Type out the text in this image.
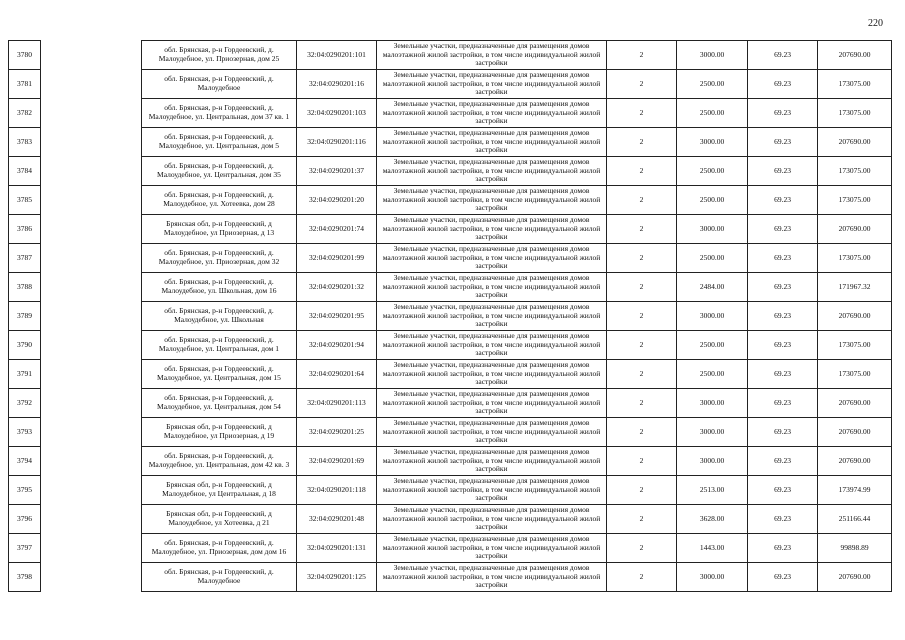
220
3780		обл. Брянская, р-н Гордеевский, д. Малоудебное, ул. Приозерная, дом 25	32:04:0290201:101	Земельные участки, предназначенные для размещения домов малоэтажной жилой застройки, в том числе индивидуальной жилой застройки	2	3000.00	69.23	207690.00
3781		обл. Брянская, р-н Гордеевский, д. Малоудебное	32:04:0290201:16	Земельные участки, предназначенные для размещения домов малоэтажной жилой застройки, в том числе индивидуальной жилой застройки	2	2500.00	69.23	173075.00
3782		обл. Брянская, р-н Гордеевский, д. Малоудебное, ул. Центральная, дом 37 кв. 1	32:04:0290201:103	Земельные участки, предназначенные для размещения домов малоэтажной жилой застройки, в том числе индивидуальной жилой застройки	2	2500.00	69.23	173075.00
3783		обл. Брянская, р-н Гордеевский, д. Малоудебное, ул. Центральная, дом 5	32:04:0290201:116	Земельные участки, предназначенные для размещения домов малоэтажной жилой застройки, в том числе индивидуальной жилой застройки	2	3000.00	69.23	207690.00
3784		обл. Брянская, р-н Гордеевский, д. Малоудебное, ул. Центральная, дом 35	32:04:0290201:37	Земельные участки, предназначенные для размещения домов малоэтажной жилой застройки, в том числе индивидуальной жилой застройки	2	2500.00	69.23	173075.00
3785		обл. Брянская, р-н Гордеевский, д. Малоудебное, ул. Хотеевка, дом 28	32:04:0290201:20	Земельные участки, предназначенные для размещения домов малоэтажной жилой застройки, в том числе индивидуальной жилой застройки	2	2500.00	69.23	173075.00
3786		Брянская обл, р-н Гордеевский, д Малоудебное, ул Приозерная, д 13	32:04:0290201:74	Земельные участки, предназначенные для размещения домов малоэтажной жилой застройки, в том числе индивидуальной жилой застройки	2	3000.00	69.23	207690.00
3787		обл. Брянская, р-н Гордеевский, д. Малоудебное, ул. Приозерная, дом 32	32:04:0290201:99	Земельные участки, предназначенные для размещения домов малоэтажной жилой застройки, в том числе индивидуальной жилой застройки	2	2500.00	69.23	173075.00
3788		обл. Брянская, р-н Гордеевский, д. Малоудебное, ул. Школьная, дом 16	32:04:0290201:32	Земельные участки, предназначенные для размещения домов малоэтажной жилой застройки, в том числе индивидуальной жилой застройки	2	2484.00	69.23	171967.32
3789		обл. Брянская, р-н Гордеевский, д. Малоудебное, ул. Школьная	32:04:0290201:95	Земельные участки, предназначенные для размещения домов малоэтажной жилой застройки, в том числе индивидуальной жилой застройки	2	3000.00	69.23	207690.00
3790		обл. Брянская, р-н Гордеевский, д. Малоудебное, ул. Центральная, дом 1	32:04:0290201:94	Земельные участки, предназначенные для размещения домов малоэтажной жилой застройки, в том числе индивидуальной жилой застройки	2	2500.00	69.23	173075.00
3791		обл. Брянская, р-н Гордеевский, д. Малоудебное, ул. Центральная, дом 15	32:04:0290201:64	Земельные участки, предназначенные для размещения домов малоэтажной жилой застройки, в том числе индивидуальной жилой застройки	2	2500.00	69.23	173075.00
3792		обл. Брянская, р-н Гордеевский, д. Малоудебное, ул. Центральная, дом 54	32:04:0290201:113	Земельные участки, предназначенные для размещения домов малоэтажной жилой застройки, в том числе индивидуальной жилой застройки	2	3000.00	69.23	207690.00
3793		Брянская обл, р-н Гордеевский, д Малоудебное, ул Приозерная, д 19	32:04:0290201:25	Земельные участки, предназначенные для размещения домов малоэтажной жилой застройки, в том числе индивидуальной жилой застройки	2	3000.00	69.23	207690.00
3794		обл. Брянская, р-н Гордеевский, д. Малоудебное, ул. Центральная, дом 42 кв. 3	32:04:0290201:69	Земельные участки, предназначенные для размещения домов малоэтажной жилой застройки, в том числе индивидуальной жилой застройки	2	3000.00	69.23	207690.00
3795		Брянская обл, р-н Гордеевский, д Малоудебное, ул Центральная, д 18	32:04:0290201:118	Земельные участки, предназначенные для размещения домов малоэтажной жилой застройки, в том числе индивидуальной жилой застройки	2	2513.00	69.23	173974.99
3796		Брянская обл, р-н Гордеевский, д Малоудебное, ул Хотеевка, д 21	32:04:0290201:48	Земельные участки, предназначенные для размещения домов малоэтажной жилой застройки, в том числе индивидуальной жилой застройки	2	3628.00	69.23	251166.44
3797		обл. Брянская, р-н Гордеевский, д. Малоудебное, ул. Приозерная, дом дом 16	32:04:0290201:131	Земельные участки, предназначенные для размещения домов малоэтажной жилой застройки, в том числе индивидуальной жилой застройки	2	1443.00	69.23	99898.89
3798		обл. Брянская, р-н Гордеевский, д. Малоудебное	32:04:0290201:125	Земельные участки, предназначенные для размещения домов малоэтажной жилой застройки, в том числе индивидуальной жилой застройки	2	3000.00	69.23	207690.00
